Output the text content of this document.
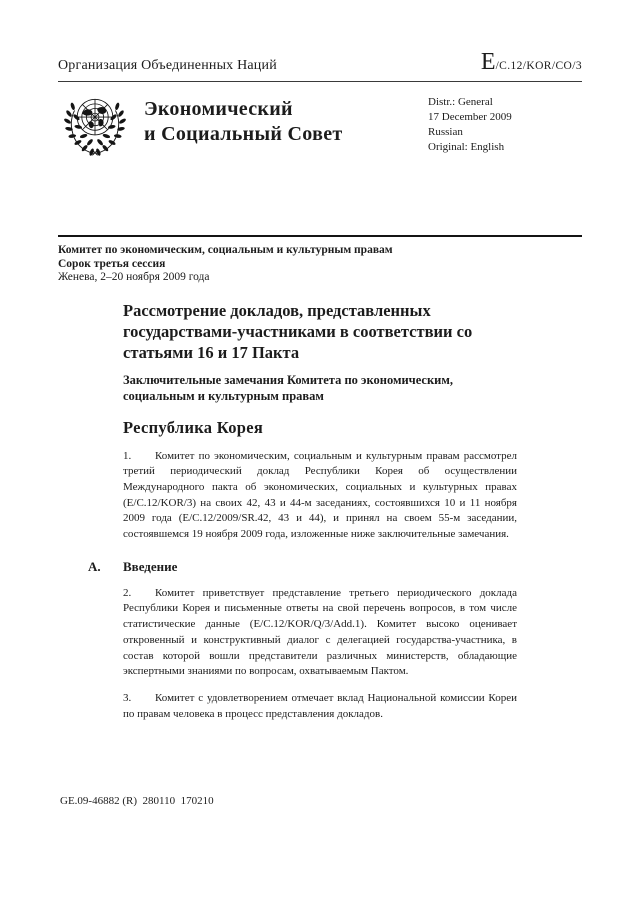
Организация Объединенных Наций	E/C.12/KOR/CO/3
Экономический
и Социальный Совет
Distr.: General
17 December 2009
Russian
Original: English
Комитет по экономическим, социальным и культурным правам
Сорок третья сессия
Женева, 2–20 ноября 2009 года
Рассмотрение докладов, представленных государствами-участниками в соответствии со статьями 16 и 17 Пакта
Заключительные замечания Комитета по экономическим, социальным и культурным правам
Республика Корея

1. Комитет по экономическим, социальным и культурным правам рассмотрел третий периодический доклад Республики Корея об осуществлении Международного пакта об экономических, социальных и культурных правах (E/C.12/KOR/3) на своих 42, 43 и 44-м заседаниях, состоявшихся 10 и 11 ноября 2009 года (E/C.12/2009/SR.42, 43 и 44), и принял на своем 55-м заседании, состоявшемся 19 ноября 2009 года, изложенные ниже заключительные замечания.

A. Введение

2. Комитет приветствует представление третьего периодического доклада Республики Корея и письменные ответы на свой перечень вопросов, в том числе статистические данные (E/C.12/KOR/Q/3/Add.1). Комитет высоко оценивает откровенный и конструктивный диалог с делегацией государства-участника, в состав которой вошли представители различных министерств, обладающие экспертными знаниями по вопросам, охватываемым Пактом.

3. Комитет с удовлетворением отмечает вклад Национальной комиссии Кореи по правам человека в процесс представления докладов.

GE.09-46882 (R)  280110  170210
